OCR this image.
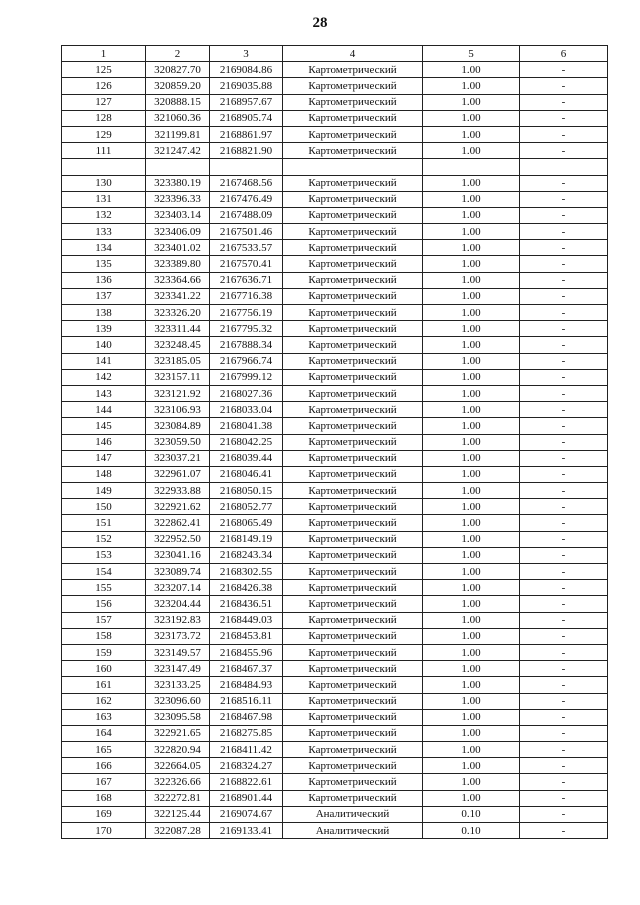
28
1	2	3	4	5	6
125	320827.70	2169084.86	Картометрический	1.00	-
126	320859.20	2169035.88	Картометрический	1.00	-
127	320888.15	2168957.67	Картометрический	1.00	-
128	321060.36	2168905.74	Картометрический	1.00	-
129	321199.81	2168861.97	Картометрический	1.00	-
111	321247.42	2168821.90	Картометрический	1.00	-

130	323380.19	2167468.56	Картометрический	1.00	-
131	323396.33	2167476.49	Картометрический	1.00	-
132	323403.14	2167488.09	Картометрический	1.00	-
133	323406.09	2167501.46	Картометрический	1.00	-
134	323401.02	2167533.57	Картометрический	1.00	-
135	323389.80	2167570.41	Картометрический	1.00	-
136	323364.66	2167636.71	Картометрический	1.00	-
137	323341.22	2167716.38	Картометрический	1.00	-
138	323326.20	2167756.19	Картометрический	1.00	-
139	323311.44	2167795.32	Картометрический	1.00	-
140	323248.45	2167888.34	Картометрический	1.00	-
141	323185.05	2167966.74	Картометрический	1.00	-
142	323157.11	2167999.12	Картометрический	1.00	-
143	323121.92	2168027.36	Картометрический	1.00	-
144	323106.93	2168033.04	Картометрический	1.00	-
145	323084.89	2168041.38	Картометрический	1.00	-
146	323059.50	2168042.25	Картометрический	1.00	-
147	323037.21	2168039.44	Картометрический	1.00	-
148	322961.07	2168046.41	Картометрический	1.00	-
149	322933.88	2168050.15	Картометрический	1.00	-
150	322921.62	2168052.77	Картометрический	1.00	-
151	322862.41	2168065.49	Картометрический	1.00	-
152	322952.50	2168149.19	Картометрический	1.00	-
153	323041.16	2168243.34	Картометрический	1.00	-
154	323089.74	2168302.55	Картометрический	1.00	-
155	323207.14	2168426.38	Картометрический	1.00	-
156	323204.44	2168436.51	Картометрический	1.00	-
157	323192.83	2168449.03	Картометрический	1.00	-
158	323173.72	2168453.81	Картометрический	1.00	-
159	323149.57	2168455.96	Картометрический	1.00	-
160	323147.49	2168467.37	Картометрический	1.00	-
161	323133.25	2168484.93	Картометрический	1.00	-
162	323096.60	2168516.11	Картометрический	1.00	-
163	323095.58	2168467.98	Картометрический	1.00	-
164	322921.65	2168275.85	Картометрический	1.00	-
165	322820.94	2168411.42	Картометрический	1.00	-
166	322664.05	2168324.27	Картометрический	1.00	-
167	322326.66	2168822.61	Картометрический	1.00	-
168	322272.81	2168901.44	Картометрический	1.00	-
169	322125.44	2169074.67	Аналитический	0.10	-
170	322087.28	2169133.41	Аналитический	0.10	-
